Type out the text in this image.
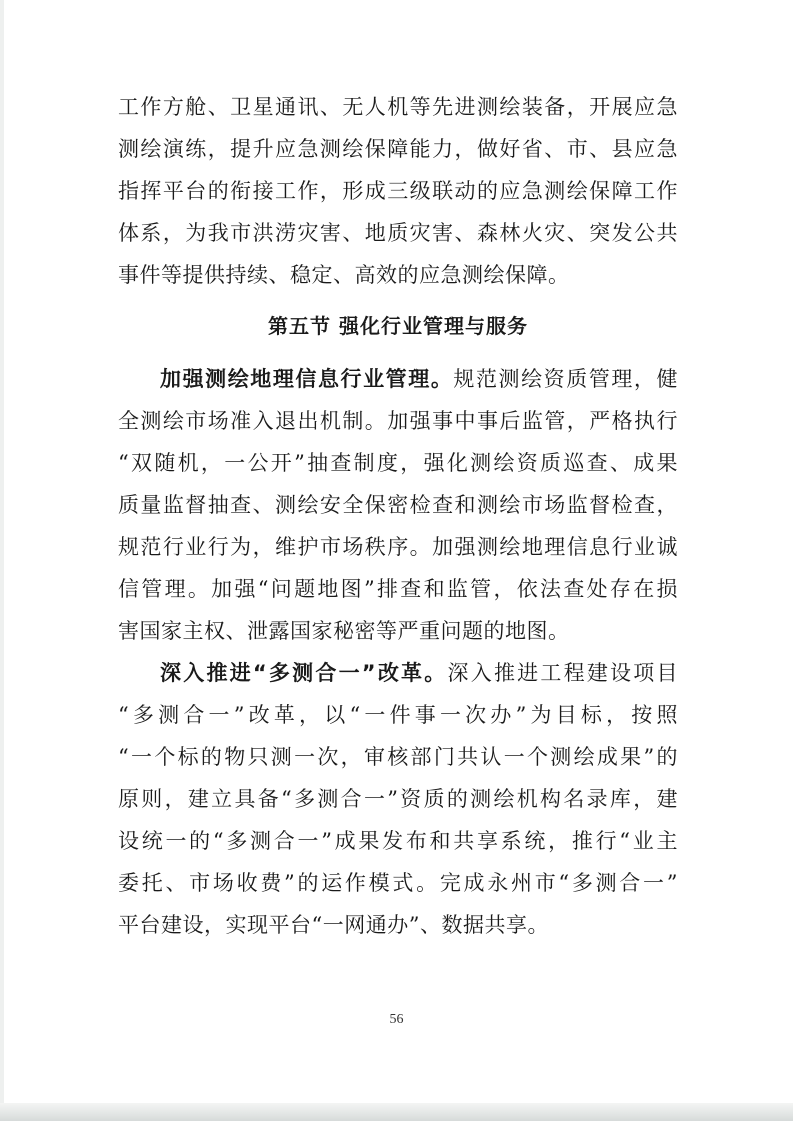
工作方舱、卫星通讯、无人机等先进测绘装备，开展应急
测绘演练，提升应急测绘保障能力，做好省、市、县应急
指挥平台的衔接工作，形成三级联动的应急测绘保障工作
体系，为我市洪涝灾害、地质灾害、森林火灾、突发公共
事件等提供持续、稳定、高效的应急测绘保障。
第五节 强化行业管理与服务
加强测绘地理信息行业管理。规范测绘资质管理，健
全测绘市场准入退出机制。加强事中事后监管，严格执行
“双随机，一公开”抽查制度，强化测绘资质巡查、成果
质量监督抽查、测绘安全保密检查和测绘市场监督检查，
规范行业行为，维护市场秩序。加强测绘地理信息行业诚
信管理。加强“问题地图”排查和监管，依法查处存在损
害国家主权、泄露国家秘密等严重问题的地图。
深入推进“多测合一”改革。深入推进工程建设项目
“多测合一”改革，以“一件事一次办”为目标，按照
“一个标的物只测一次，审核部门共认一个测绘成果”的
原则，建立具备“多测合一”资质的测绘机构名录库，建
设统一的“多测合一”成果发布和共享系统，推行“业主
委托、市场收费”的运作模式。完成永州市“多测合一”
平台建设，实现平台“一网通办”、数据共享。
56
